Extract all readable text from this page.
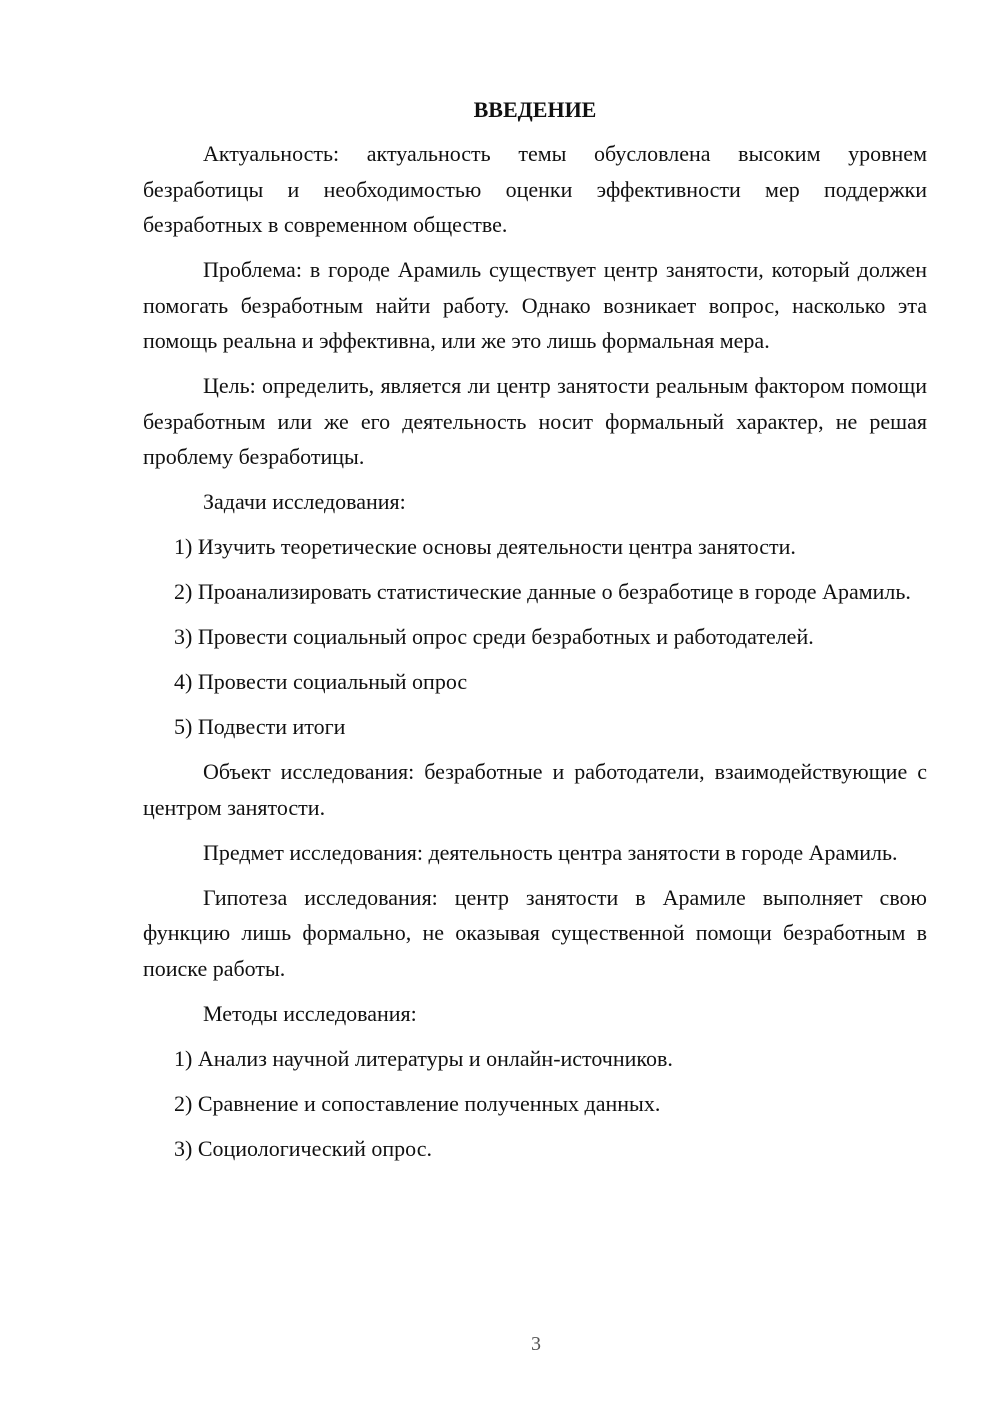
ВВЕДЕНИЕ

Актуальность: актуальность темы обусловлена высоким уровнем безработицы и необходимостью оценки эффективности мер поддержки безработных в современном обществе.

Проблема: в городе Арамиль существует центр занятости, который должен помогать безработным найти работу. Однако возникает вопрос, насколько эта помощь реальна и эффективна, или же это лишь формальная мера.

Цель: определить, является ли центр занятости реальным фактором помощи безработным или же его деятельность носит формальный характер, не решая проблему безработицы.

Задачи исследования:

1) Изучить теоретические основы деятельности центра занятости.

2) Проанализировать статистические данные о безработице в городе Арамиль.

3) Провести социальный опрос среди безработных и работодателей.

4) Провести социальный опрос

5) Подвести итоги

Объект исследования: безработные и работодатели, взаимодействующие с центром занятости.

Предмет исследования: деятельность центра занятости в городе Арамиль.

Гипотеза исследования: центр занятости в Арамиле выполняет свою функцию лишь формально, не оказывая существенной помощи безработным в поиске работы.

Методы исследования:

1) Анализ научной литературы и онлайн-источников.

2) Сравнение и сопоставление полученных данных.

3) Социологический опрос.

3
